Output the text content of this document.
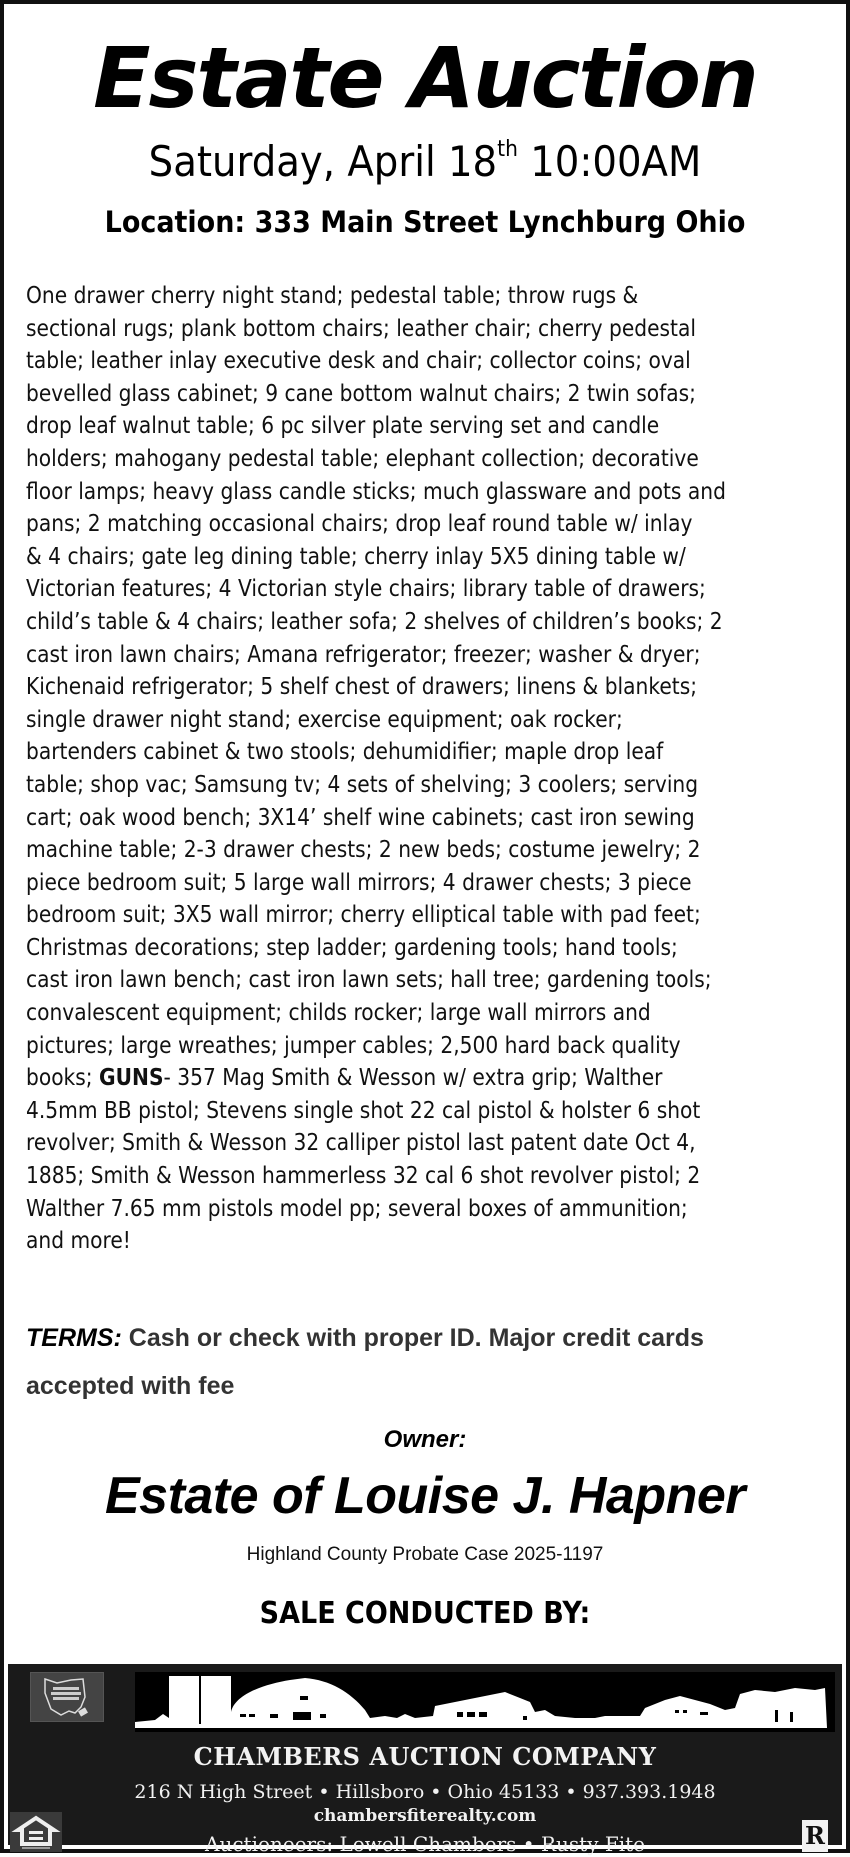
Estate Auction
Saturday, April 18th 10:00AM
Location: 333 Main Street Lynchburg Ohio
One drawer cherry night stand; pedestal table; throw rugs &
sectional rugs; plank bottom chairs; leather chair; cherry pedestal
table; leather inlay executive desk and chair; collector coins; oval
bevelled glass cabinet; 9 cane bottom walnut chairs; 2 twin sofas;
drop leaf walnut table; 6 pc silver plate serving set and candle
holders; mahogany pedestal table; elephant collection; decorative
floor lamps; heavy glass candle sticks; much glassware and pots and
pans; 2 matching occasional chairs; drop leaf round table w/ inlay
& 4 chairs; gate leg dining table; cherry inlay 5X5 dining table w/
Victorian features; 4 Victorian style chairs; library table of drawers;
child’s table & 4 chairs; leather sofa; 2 shelves of children’s books; 2
cast iron lawn chairs; Amana refrigerator; freezer; washer & dryer;
Kichenaid refrigerator; 5 shelf chest of drawers; linens & blankets;
single drawer night stand; exercise equipment; oak rocker;
bartenders cabinet & two stools; dehumidifier; maple drop leaf
table; shop vac; Samsung tv; 4 sets of shelving; 3 coolers; serving
cart; oak wood bench; 3X14’ shelf wine cabinets; cast iron sewing
machine table; 2-3 drawer chests; 2 new beds; costume jewelry; 2
piece bedroom suit; 5 large wall mirrors; 4 drawer chests; 3 piece
bedroom suit; 3X5 wall mirror; cherry elliptical table with pad feet;
Christmas decorations; step ladder; gardening tools; hand tools;
cast iron lawn bench; cast iron lawn sets; hall tree; gardening tools;
convalescent equipment; childs rocker; large wall mirrors and
pictures; large wreathes; jumper cables; 2,500 hard back quality
books; GUNS- 357 Mag Smith & Wesson w/ extra grip; Walther
4.5mm BB pistol; Stevens single shot 22 cal pistol & holster 6 shot
revolver; Smith & Wesson 32 calliper pistol last patent date Oct 4,
1885; Smith & Wesson hammerless 32 cal 6 shot revolver pistol; 2
Walther 7.65 mm pistols model pp; several boxes of ammunition;
and more!
TERMS: Cash or check with proper ID. Major credit cards
accepted with fee
Owner:
Estate of Louise J. Hapner
Highland County Probate Case 2025-1197
SALE CONDUCTED BY:
CHAMBERS AUCTION COMPANY
216 N High Street • Hillsboro • Ohio 45133 • 937.393.1948
chambersfiterealty.com
Auctioneers: Lowell Chambers • Rusty Fite	R
